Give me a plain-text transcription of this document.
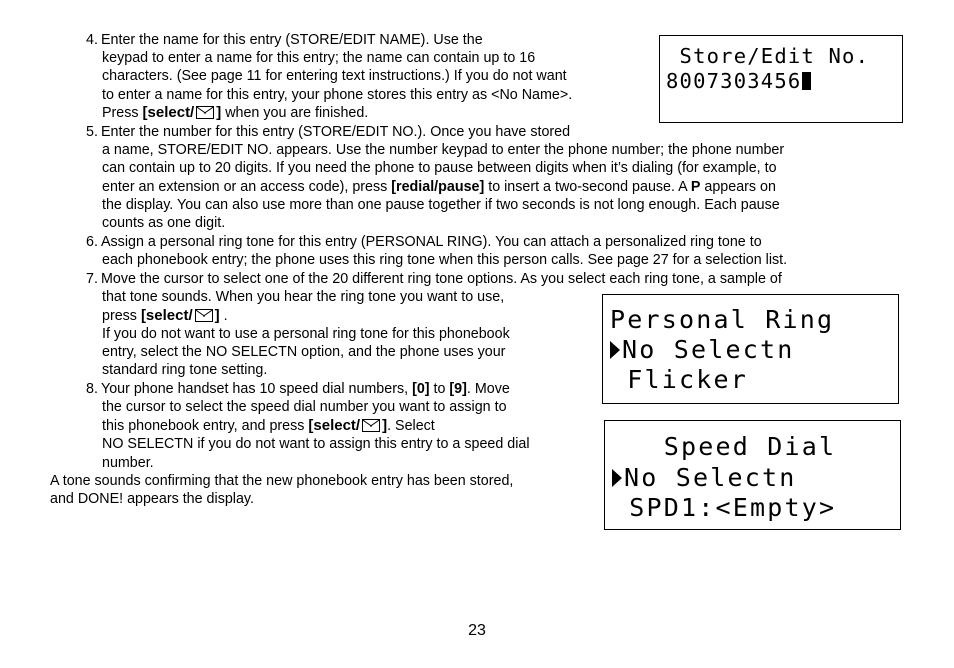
4. Enter the name for this entry (STORE/EDIT NAME). Use the
keypad to enter a name for this entry; the name can contain up to 16
characters. (See page 11 for entering text instructions.) If you do not want
to enter a name for this entry, your phone stores this entry as <No Name>.
Press [select/ ] when you are finished.
5. Enter the number for this entry (STORE/EDIT NO.). Once you have stored
a name, STORE/EDIT NO. appears. Use the number keypad to enter the phone number; the phone number
can contain up to 20 digits. If you need the phone to pause between digits when it’s dialing (for example, to
enter an extension or an access code), press [redial/pause] to insert a two-second pause. A P appears on
the display. You can also use more than one pause together if two seconds is not long enough. Each pause
counts as one digit.
6. Assign a personal ring tone for this entry (PERSONAL RING). You can attach a personalized ring tone to
each phonebook entry; the phone uses this ring tone when this person calls. See page 27 for a selection list.
7. Move the cursor to select one of the 20 different ring tone options. As you select each ring tone, a sample of
that tone sounds. When you hear the ring tone you want to use,
press [select/ ] .
If you do not want to use a personal ring tone for this phonebook
entry, select the NO SELECTN option, and the phone uses your
standard ring tone setting.
8. Your phone handset has 10 speed dial numbers, [0] to [9]. Move
the cursor to select the speed dial number you want to assign to
this phonebook entry, and press [select/ ]. Select
NO SELECTN if you do not want to assign this entry to a speed dial
number.
A tone sounds confirming that the new phonebook entry has been stored,
and DONE! appears the display.

Store/Edit No.

8007303456

Personal Ring

No Selectn

Flicker

Speed Dial

No Selectn

SPD1:<Empty>

23
